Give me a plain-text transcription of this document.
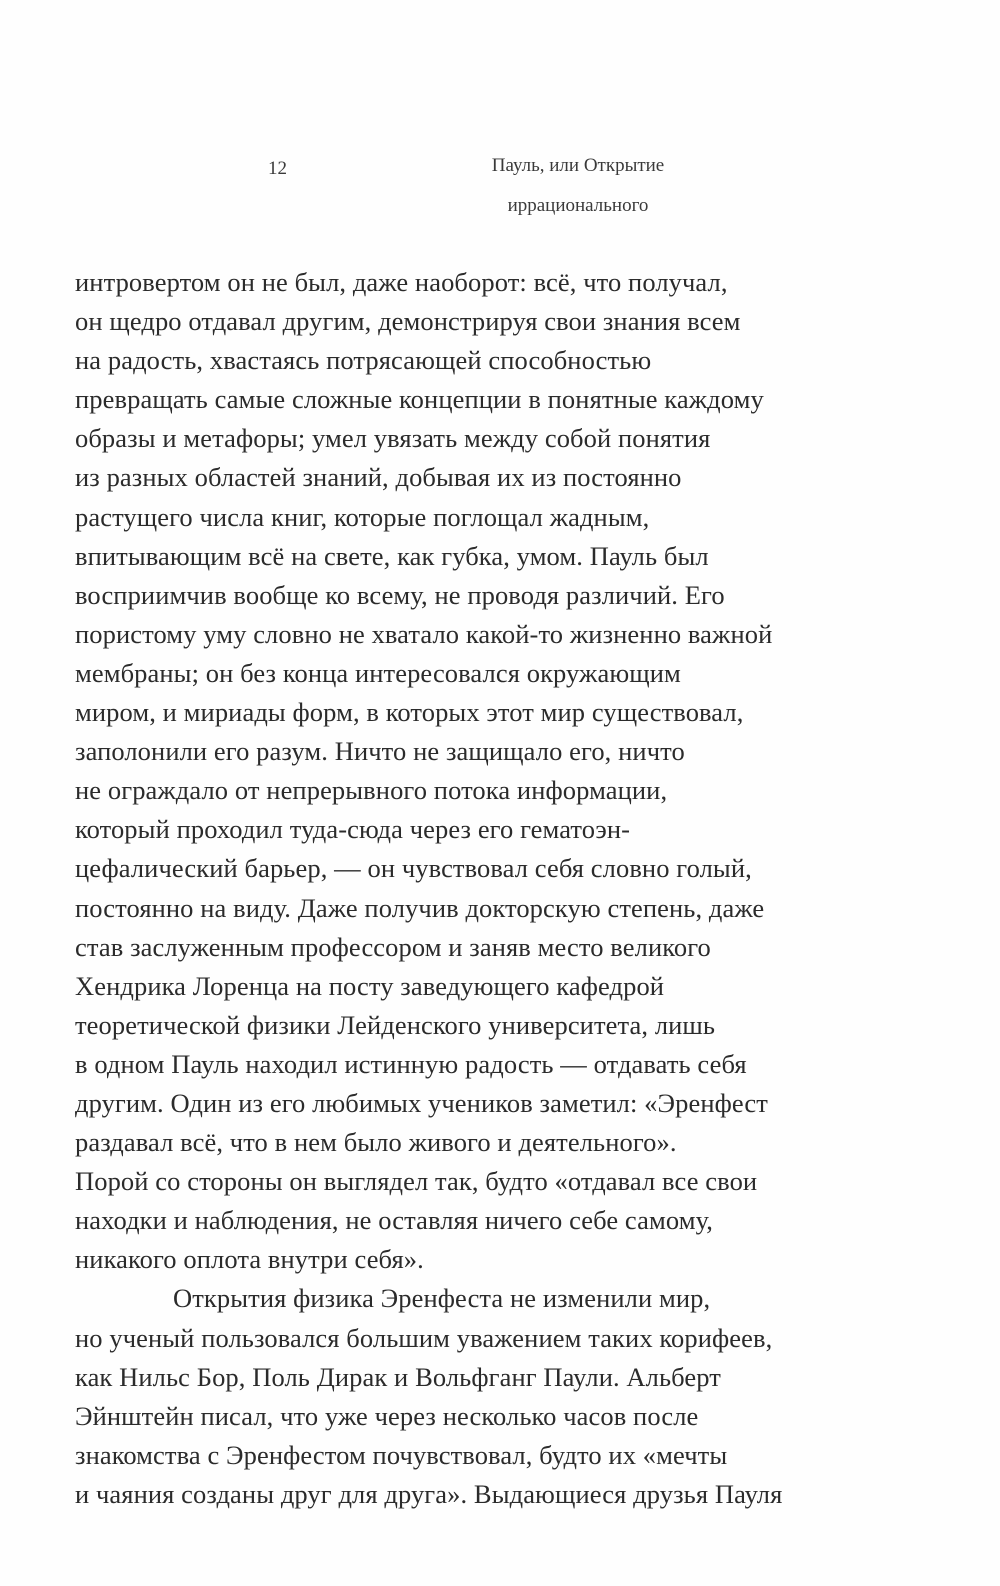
12	Пауль, или Открытие
иррационального
интровертом он не был, даже наоборот: всё, что получал,
он щедро отдавал другим, демонстрируя свои знания всем
на радость, хвастаясь потрясающей способностью
превращать самые сложные концепции в понятные каждому
образы и метафоры; умел увязать между собой понятия
из разных областей знаний, добывая их из постоянно
растущего числа книг, которые поглощал жадным,
впитывающим всё на свете, как губка, умом. Пауль был
восприимчив вообще ко всему, не проводя различий. Его
пористому уму словно не хватало какой-то жизненно важной
мембраны; он без конца интересовался окружающим
миром, и мириады форм, в которых этот мир существовал,
заполонили его разум. Ничто не защищало его, ничто
не ограждало от непрерывного потока информации,
который проходил туда-сюда через его гематоэн-
цефалический барьер, — он чувствовал себя словно голый,
постоянно на виду. Даже получив докторскую степень, даже
став заслуженным профессором и заняв место великого
Хендрика Лоренца на посту заведующего кафедрой
теоретической физики Лейденского университета, лишь
в одном Пауль находил истинную радость — отдавать себя
другим. Один из его любимых учеников заметил: «Эренфест
раздавал всё, что в нем было живого и деятельного».
Порой со стороны он выглядел так, будто «отдавал все свои
находки и наблюдения, не оставляя ничего себе самому,
никакого оплота внутри себя».
Открытия физика Эренфеста не изменили мир,
но ученый пользовался большим уважением таких корифеев,
как Нильс Бор, Поль Дирак и Вольфганг Паули. Альберт
Эйнштейн писал, что уже через несколько часов после
знакомства с Эренфестом почувствовал, будто их «мечты
и чаяния созданы друг для друга». Выдающиеся друзья Пауля
